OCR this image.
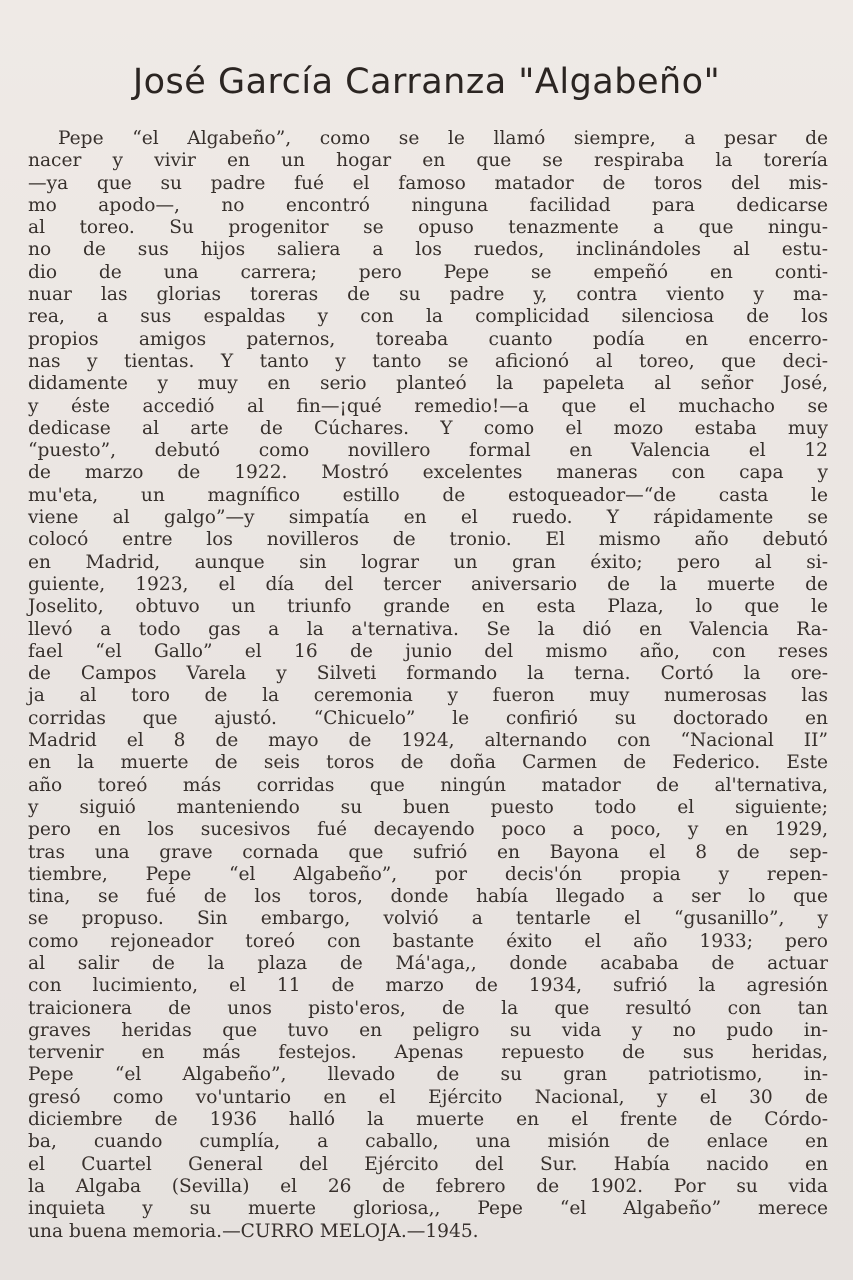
José García Carranza "Algabeño"
Pepe “el Algabeño”, como se le llamó siempre, a pesar de
nacer y vivir en un hogar en que se respiraba la torería
—ya que su padre fué el famoso matador de toros del mis-
mo apodo—, no encontró ninguna facilidad para dedicarse
al toreo. Su progenitor se opuso tenazmente a que ningu-
no de sus hijos saliera a los ruedos, inclinándoles al estu-
dio de una carrera; pero Pepe se empeñó en conti-
nuar las glorias toreras de su padre y, contra viento y ma-
rea, a sus espaldas y con la complicidad silenciosa de los
propios amigos paternos, toreaba cuanto podía en encerro-
nas y tientas. Y tanto y tanto se aficionó al toreo, que deci-
didamente y muy en serio planteó la papeleta al señor José,
y éste accedió al fin—¡qué remedio!—a que el muchacho se
dedicase al arte de Cúchares. Y como el mozo estaba muy
“puesto”, debutó como novillero formal en Valencia el 12
de marzo de 1922. Mostró excelentes maneras con capa y
mu'eta, un magnífico estillo de estoqueador—“de casta le
viene al galgo”—y simpatía en el ruedo. Y rápidamente se
colocó entre los novilleros de tronio. El mismo año debutó
en Madrid, aunque sin lograr un gran éxito; pero al si-
guiente, 1923, el día del tercer aniversario de la muerte de
Joselito, obtuvo un triunfo grande en esta Plaza, lo que le
llevó a todo gas a la a'ternativa. Se la dió en Valencia Ra-
fael “el Gallo” el 16 de junio del mismo año, con reses
de Campos Varela y Silveti formando la terna. Cortó la ore-
ja al toro de la ceremonia y fueron muy numerosas las
corridas que ajustó. “Chicuelo” le confirió su doctorado en
Madrid el 8 de mayo de 1924, alternando con “Nacional II”
en la muerte de seis toros de doña Carmen de Federico. Este
año toreó más corridas que ningún matador de al'ternativa,
y siguió manteniendo su buen puesto todo el siguiente;
pero en los sucesivos fué decayendo poco a poco, y en 1929,
tras una grave cornada que sufrió en Bayona el 8 de sep-
tiembre, Pepe “el Algabeño”, por decis'ón propia y repen-
tina, se fué de los toros, donde había llegado a ser lo que
se propuso. Sin embargo, volvió a tentarle el “gusanillo”, y
como rejoneador toreó con bastante éxito el año 1933; pero
al salir de la plaza de Má'aga,, donde acababa de actuar
con lucimiento, el 11 de marzo de 1934, sufrió la agresión
traicionera de unos pisto'eros, de la que resultó con tan
graves heridas que tuvo en peligro su vida y no pudo in-
tervenir en más festejos. Apenas repuesto de sus heridas,
Pepe “el Algabeño”, llevado de su gran patriotismo, in-
gresó como vo'untario en el Ejército Nacional, y el 30 de
diciembre de 1936 halló la muerte en el frente de Córdo-
ba, cuando cumplía, a caballo, una misión de enlace en
el Cuartel General del Ejército del Sur. Había nacido en
la Algaba (Sevilla) el 26 de febrero de 1902. Por su vida
inquieta y su muerte gloriosa,, Pepe “el Algabeño” merece
una buena memoria.—CURRO MELOJA.—1945.
